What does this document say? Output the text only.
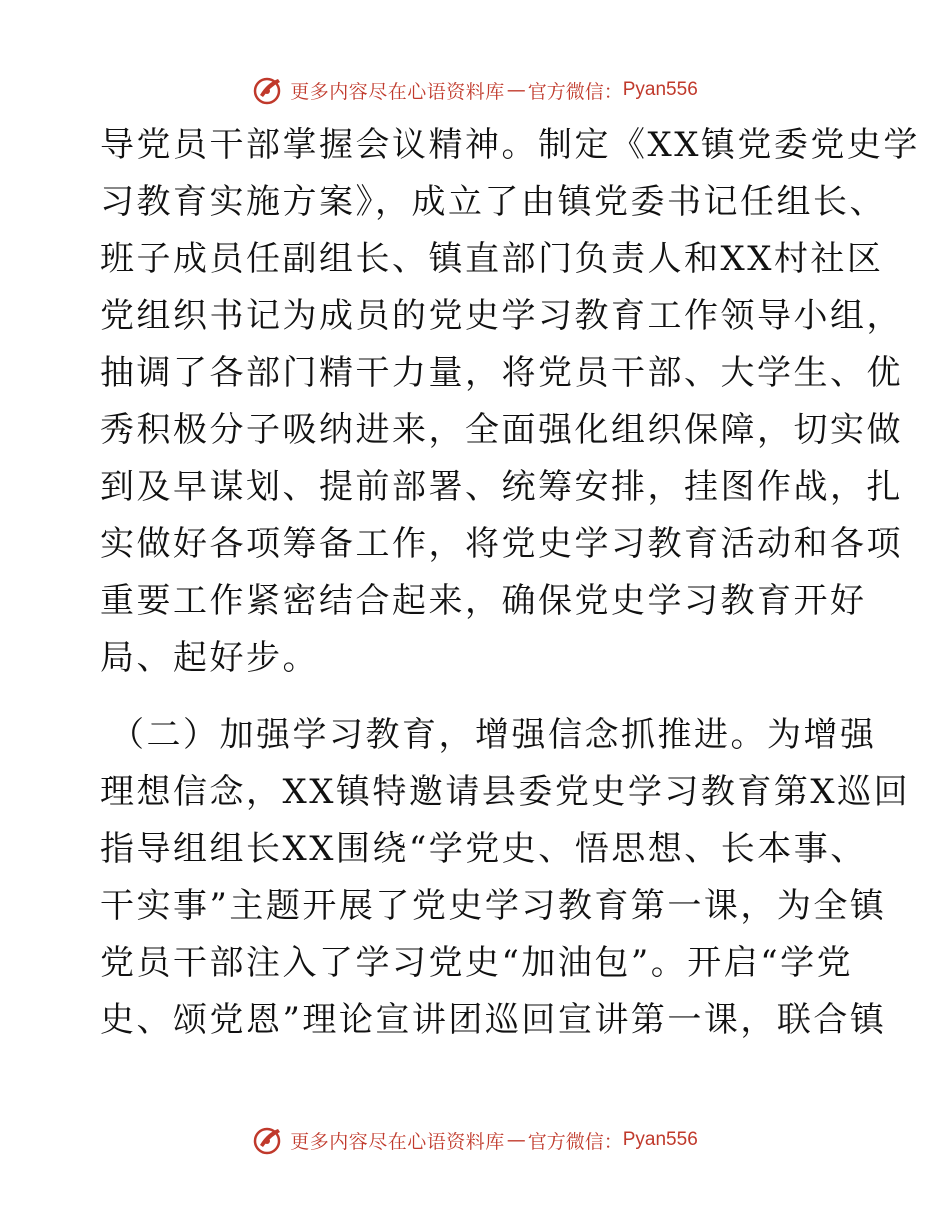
更多内容尽在心语资料库 — 官方微信： Pyan556
导党员干部掌握会议精神。制定《XX镇党委党史学
习教育实施方案》，成立了由镇党委书记任组长、
班子成员任副组长、镇直部门负责人和XX村社区
党组织书记为成员的党史学习教育工作领导小组，
抽调了各部门精干力量，将党员干部、大学生、优
秀积极分子吸纳进来，全面强化组织保障，切实做
到及早谋划、提前部署、统筹安排，挂图作战，扎
实做好各项筹备工作，将党史学习教育活动和各项
重要工作紧密结合起来，确保党史学习教育开好
局、起好步。
（二）加强学习教育，增强信念抓推进。为增强
理想信念，XX镇特邀请县委党史学习教育第X巡回
指导组组长XX围绕“学党史、悟思想、长本事、
干实事”主题开展了党史学习教育第一课，为全镇
党员干部注入了学习党史“加油包”。开启“学党
史、颂党恩”理论宣讲团巡回宣讲第一课，联合镇
更多内容尽在心语资料库 — 官方微信： Pyan556
